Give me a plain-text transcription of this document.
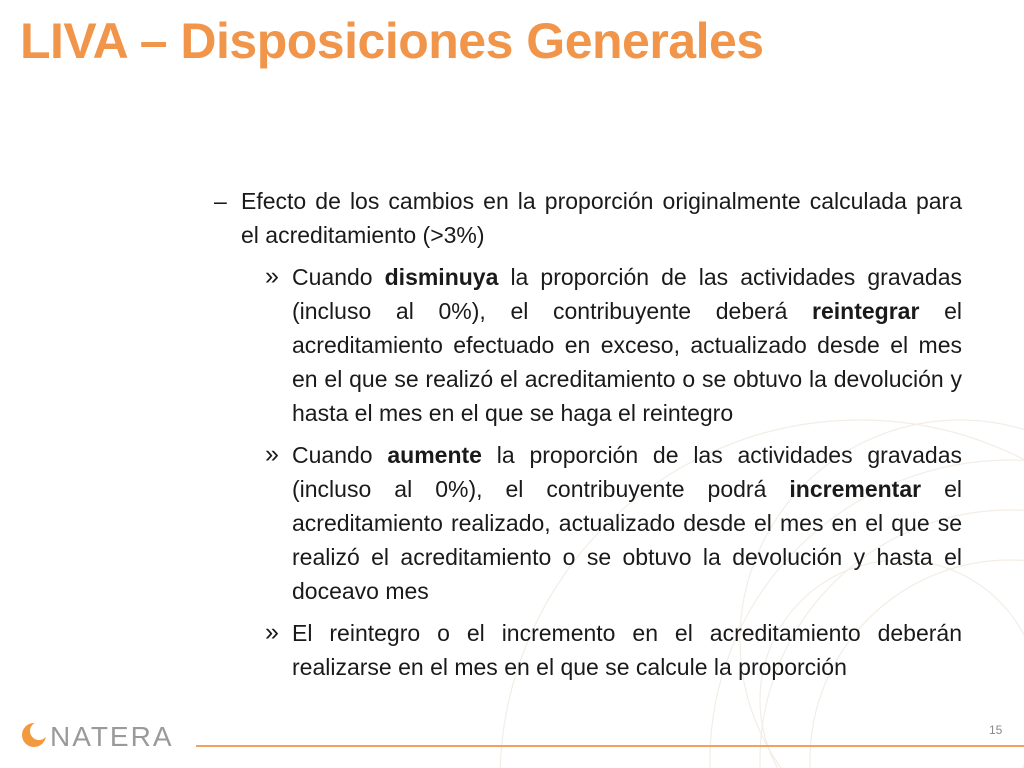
LIVA – Disposiciones Generales
– Efecto de los cambios en la proporción originalmente calculada para el acreditamiento (>3%)
» Cuando disminuya la proporción de las actividades gravadas (incluso al 0%), el contribuyente deberá reintegrar el acreditamiento efectuado en exceso, actualizado desde el mes en el que se realizó el acreditamiento o se obtuvo la devolución y hasta el mes en el que se haga el reintegro
» Cuando aumente la proporción de las actividades gravadas (incluso al 0%), el contribuyente podrá incrementar el acreditamiento realizado, actualizado desde el mes en el que se realizó el acreditamiento o se obtuvo la devolución y hasta el doceavo mes
» El reintegro o el incremento en el acreditamiento deberán realizarse en el mes en el que se calcule la proporción
NATERA	15
